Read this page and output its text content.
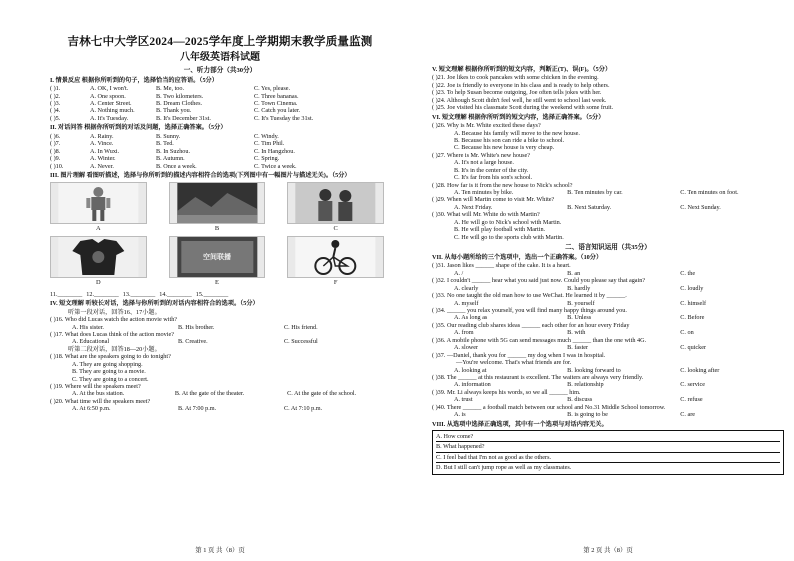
吉林七中大学区2024—2025学年度上学期期末教学质量监测
八年级英语科试题
一、听力部分（共30分）
I. 情景反应 根据你所听到的句子，选择恰当的应答语。（5分）
( )1.	A. OK, I won't.	B. Me, too.	C. Yes, please.
( )2.	A. One spoon.	B. Two kilometers.	C. Three bananas.
( )3.	A. Center Street.	B. Dream Clothes.	C. Town Cinema.
( )4.	A. Nothing much.	B. Thank you.	C. Catch you later.
( )5.	A. It's Tuesday.	B. It's December 31st.	C. It's Tuesday the 31st.
II. 对话问答 根据你所听到的对话及问题，选择正确答案。（5分）
( )6.	A. Rainy.	B. Sunny.	C. Windy.
( )7.	A. Vince.	B. Ted.	C. Tim Phil.
( )8.	A. In Wuxi.	B. In Suzhou.	C. In Hangzhou.
( )9.	A. Winter.	B. Autumn.	C. Spring.
( )10.	A. Never.	B. Once a week.	C. Twice a week.
III. 图片理解 看图听描述，选择与你所听到的描述内容相符合的选项(下列图中有一幅图片与描述无关)。（5分）
A	B	C
D
空间联播
E	F
11.________ 12.________ 13.________ 14.________ 15.________
IV. 短文理解 听较长对话，选择与你所听到的对话内容相符合的选项。（5分）
听第一段对话，回答16、17小题。
( )16. Who did Lucas watch the action movie with?
A. His sister.	B. His brother.	C. His friend.
( )17. What does Lucas think of the action movie?
A. Educational	B. Creative.	C. Successful
听第二段对话，回答18—20小题。
( )18. What are the speakers going to do tonight?
A. They are going shopping.
B. They are going to a movie.
C. They are going to a concert.
( )19. Where will the speakers meet?
A. At the bus station.	B. At the gate of the theater.	C. At the gate of the school.
( )20. What time will the speakers meet?
A. At 6:50 p.m.	B. At 7:00 p.m.	C. At 7:10 p.m.
第 1 页 共（8）页
V. 短文理解 根据你所听到的短文内容，判断正(T)、误(F)。（5分）
( )21. Joe likes to cook pancakes with some chicken in the evening.
( )22. Joe is friendly to everyone in his class and is ready to help others.
( )23. To help Susan become outgoing, Joe often tells jokes with her.
( )24. Although Scott didn't feel well, he still went to school last week.
( )25. Joe visited his classmate Scott during the weekend with some fruit.
VI. 短文理解 根据你所听到的短文内容，选择正确答案。（5分）
( )26. Why is Mr. White excited these days?
A. Because his family will move to the new house.
B. Because his son can ride a bike to school.
C. Because his new house is very cheap.
( )27. Where is Mr. White's new house?
A. It's not a large house.
B. It's in the center of the city.
C. It's far from his son's school.
( )28. How far is it from the new house to Nick's school?
A. Ten minutes by bike.	B. Ten minutes by car.	C. Ten minutes on foot.
( )29. When will Martin come to visit Mr. White?
A. Next Friday.	B. Next Saturday.	C. Next Sunday.
( )30. What will Mr. White do with Martin?
A. He will go to Nick's school with Martin.
B. He will play football with Martin.
C. He will go to the sports club with Martin.
二、语言知识运用（共35分）
VII. 从每小题所给的三个选项中，选出一个正确答案。（10分）
( )31. Jason likes ______ shape of the cake. It is a heart.
A. /	B. an	C. the
( )32. I couldn't ______ hear what you said just now. Could you please say that again?
A. clearly	B. hardly	C. loudly
( )33. No one taught the old man how to use WeChat. He learned it by ______.
A. myself	B. yourself	C. himself
( )34. ______ you relax yourself, you will find many happy things around you.
A. As long as	B. Unless	C. Before
( )35. Our reading club shares ideas ______ each other for an hour every Friday
A. from	B. with	C. on
( )36. A mobile phone with 5G can send messages much ______ than the one with 4G.
A. slower	B. faster	C. quicker
( )37. —Daniel, thank you for ______ my dog when I was in hospital.
—You're welcome. That's what friends are for.
A. looking at	B. looking forward to	C. looking after
( )38. The ______ at this restaurant is excellent. The waiters are always very friendly.
A. information	B. relationship	C. service
( )39. Mr. Li always keeps his words, so we all ______ him.
A. trust	B. discuss	C. refuse
( )40. There ______ a football match between our school and No.31 Middle School tomorrow.
A. is	B. is going to be	C. are
VIII. 从选项中选择正确选项，其中有一个选项与对话内容无关。
A. How come?
B. What happened?
C. I feel bad that I'm not as good as the others.
D. But I still can't jump rope as well as my classmates.
第 2 页 共（8）页
